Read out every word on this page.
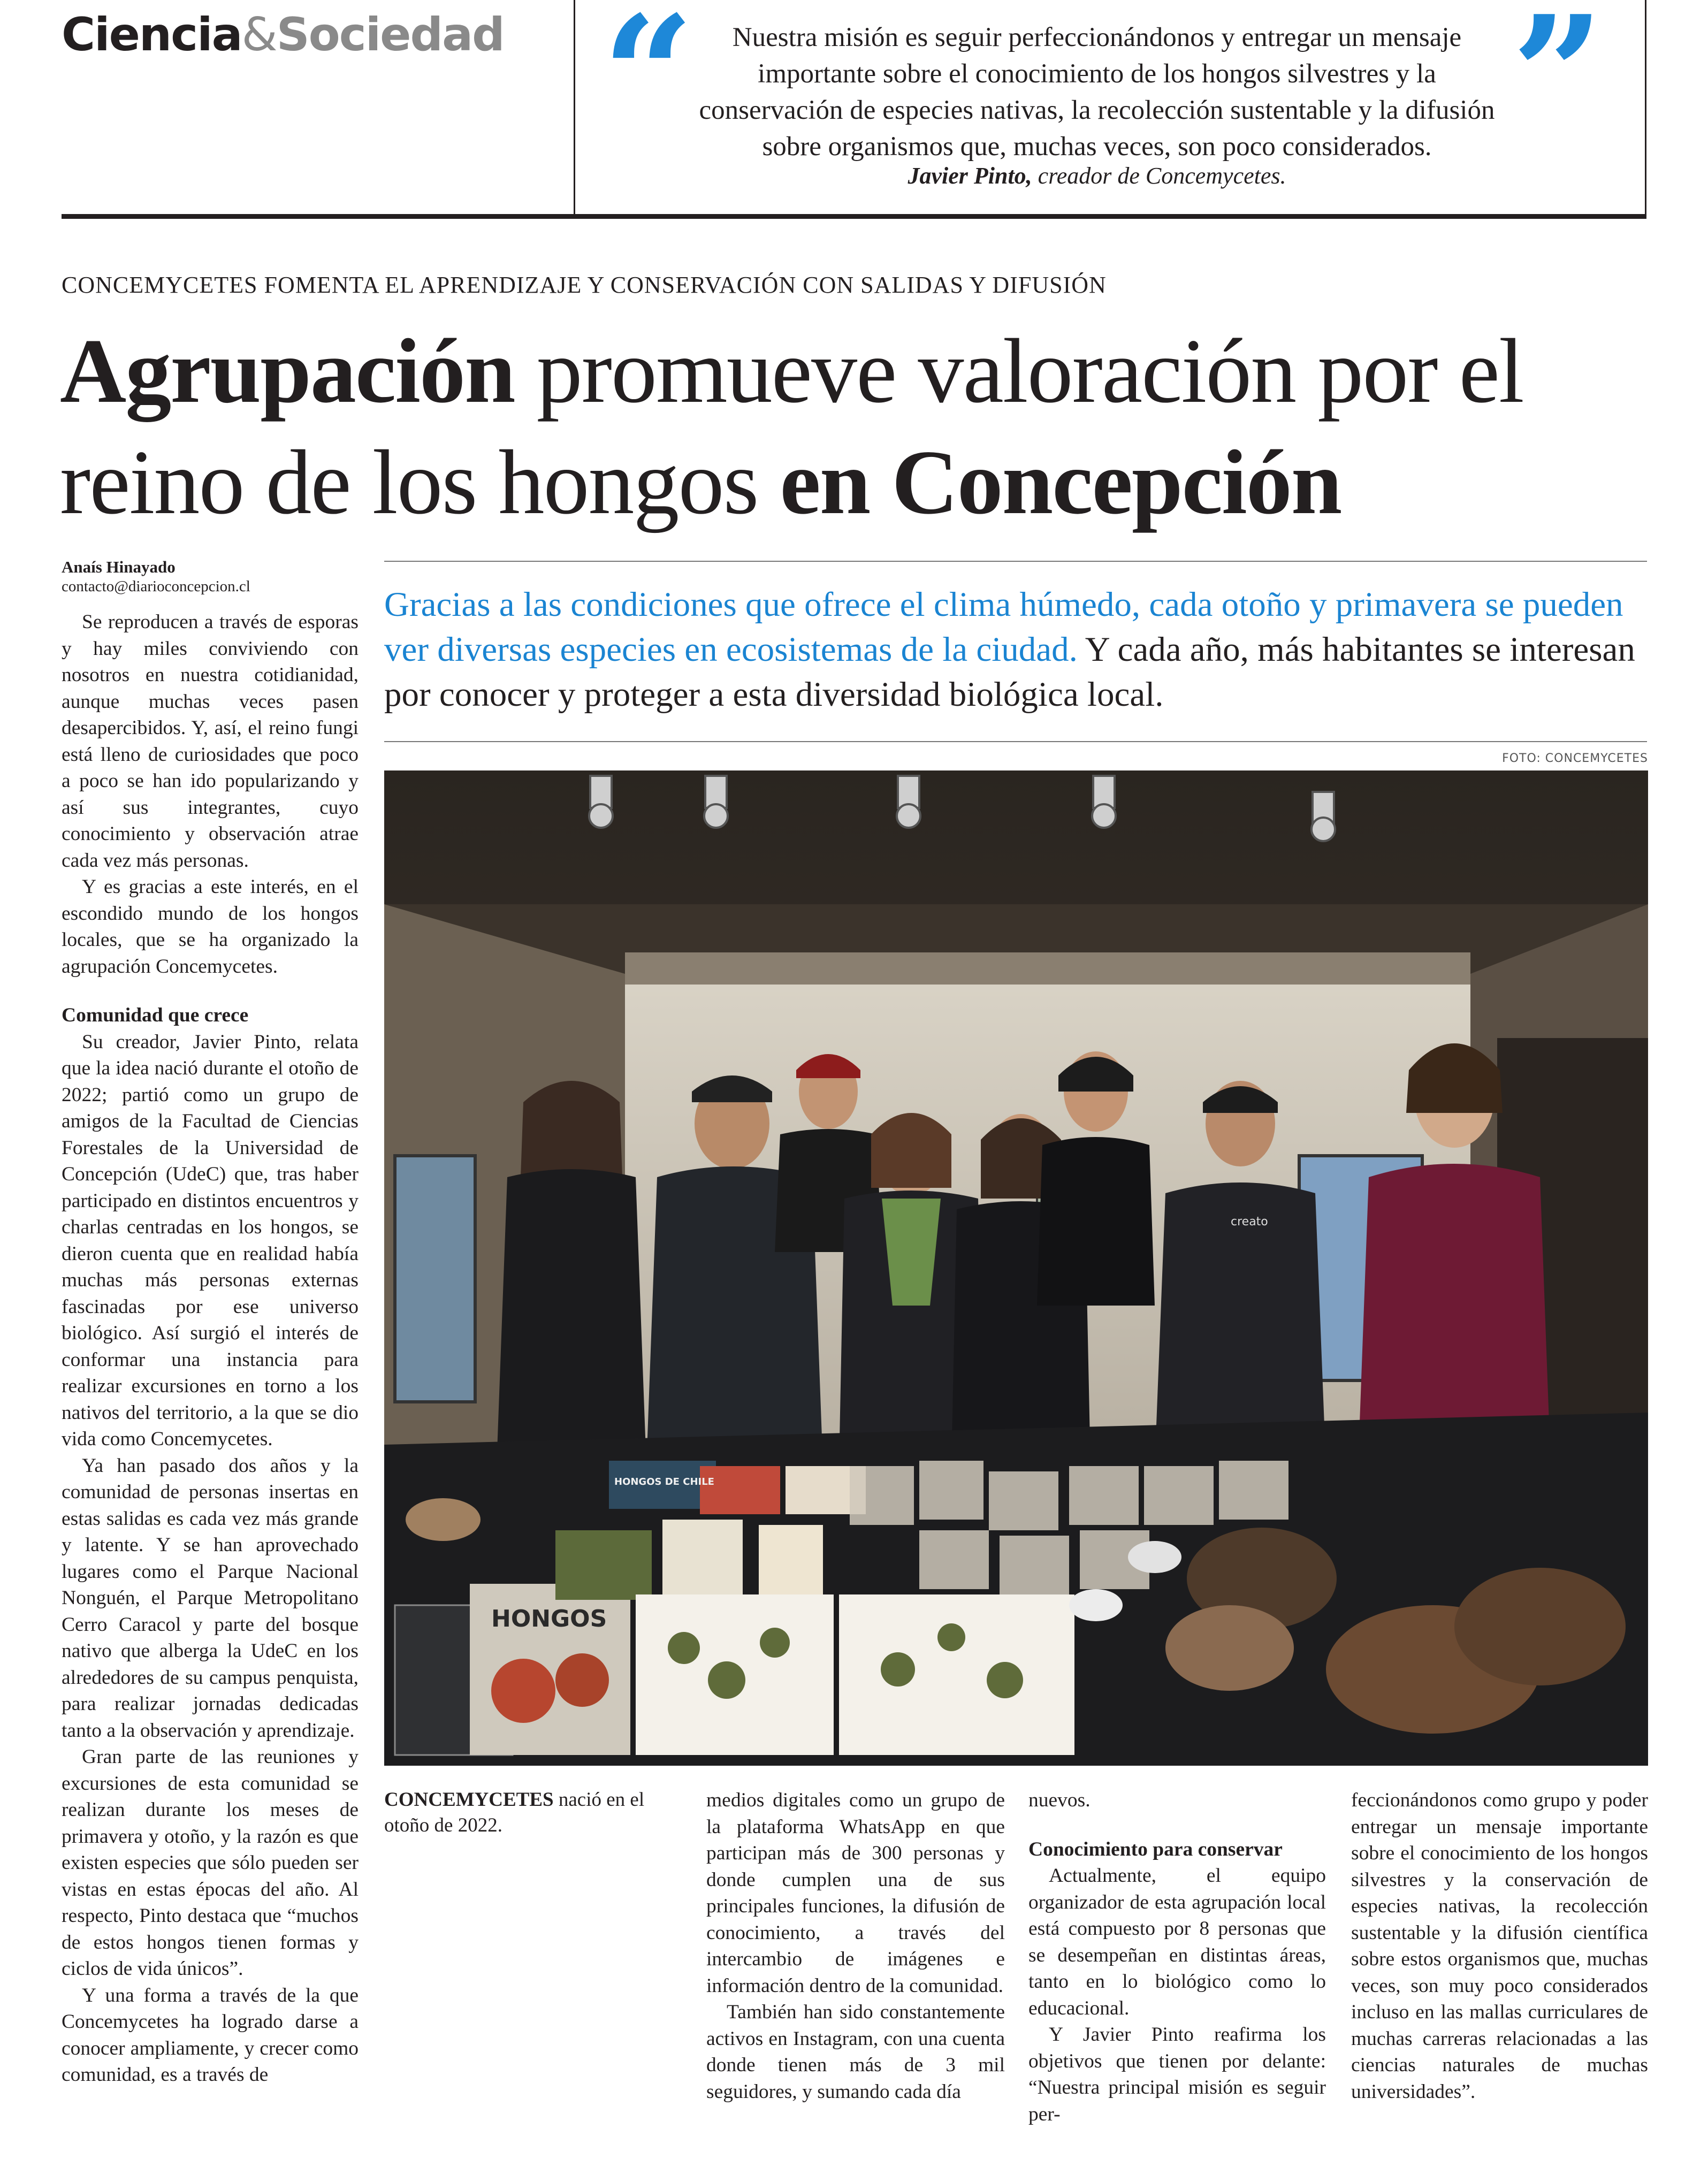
Ciencia&Sociedad “	”
Nuestra misión es seguir perfeccionándonos y entregar un mensaje importante sobre el conocimiento de los hongos silvestres y la conservación de especies nativas, la recolección sustentable y la difusión sobre organismos que, muchas veces, son poco considerados.
Javier Pinto, creador de Concemycetes.
CONCEMYCETES FOMENTA EL APRENDIZAJE Y CONSERVACIÓN CON SALIDAS Y DIFUSIÓN
Agrupación promueve valoración por el reino de los hongos en Concepción
Anaís Hinayado
contacto@diarioconcepcion.cl	Gracias a las condiciones que ofrece el clima húmedo, cada otoño y primavera se pueden ver diversas especies en ecosistemas de la ciudad. Y cada año, más habitantes se interesan por conocer y proteger a esta diversidad biológica local.
FOTO: CONCEMYCETES
creato
HONGOS
HONGOS DE CHILE
CONCEMYCETES nació en el otoño de 2022.

Se reproducen a través de esporas y hay miles conviviendo con nosotros en nuestra cotidianidad, aunque muchas veces pasen desapercibidos. Y, así, el reino fungi está lleno de curiosidades que poco a poco se han ido popularizando y así sus integrantes, cuyo conocimiento y observación atrae cada vez más personas.

Y es gracias a este interés, en el escondido mundo de los hongos locales, que se ha organizado la agrupación Concemycetes.

Comunidad que crece

Su creador, Javier Pinto, relata que la idea nació durante el otoño de 2022; partió como un grupo de amigos de la Facultad de Ciencias Forestales de la Universidad de Concepción (UdeC) que, tras haber participado en distintos encuentros y charlas centradas en los hongos, se dieron cuenta que en realidad había muchas más personas externas fascinadas por ese universo biológico. Así surgió el interés de conformar una instancia para realizar excursiones en torno a los nativos del territorio, a la que se dio vida como Concemycetes.

Ya han pasado dos años y la comunidad de personas insertas en estas salidas es cada vez más grande y latente. Y se han aprovechado lugares como el Parque Nacional Nonguén, el Parque Metropolitano Cerro Caracol y parte del bosque nativo que alberga la UdeC en los alrededores de su campus penquista, para realizar jornadas dedicadas tanto a la observación y aprendizaje.

Gran parte de las reuniones y excursiones de esta comunidad se realizan durante los meses de primavera y otoño, y la razón es que existen especies que sólo pueden ser vistas en estas épocas del año. Al respecto, Pinto destaca que “muchos de estos hongos tienen formas y ciclos de vida únicos”.

Y una forma a través de la que Concemycetes ha logrado darse a conocer ampliamente, y crecer como comunidad, es a través de

medios digitales como un grupo de la plataforma WhatsApp en que participan más de 300 personas y donde cumplen una de sus principales funciones, la difusión de conocimiento, a través del intercambio de imágenes e información dentro de la comunidad.

También han sido constantemente activos en Instagram, con una cuenta donde tienen más de 3 mil seguidores, y sumando cada día

nuevos.

Conocimiento para conservar

Actualmente, el equipo organizador de esta agrupación local está compuesto por 8 personas que se desempeñan en distintas áreas, tanto en lo biológico como lo educacional.

Y Javier Pinto reafirma los objetivos que tienen por delante: “Nuestra principal misión es seguir per-

feccionándonos como grupo y poder entregar un mensaje importante sobre el conocimiento de los hongos silvestres y la conservación de especies nativas, la recolección sustentable y la difusión científica sobre estos organismos que, muchas veces, son muy poco considerados incluso en las mallas curriculares de muchas carreras relacionadas a las ciencias naturales de muchas universidades”.
